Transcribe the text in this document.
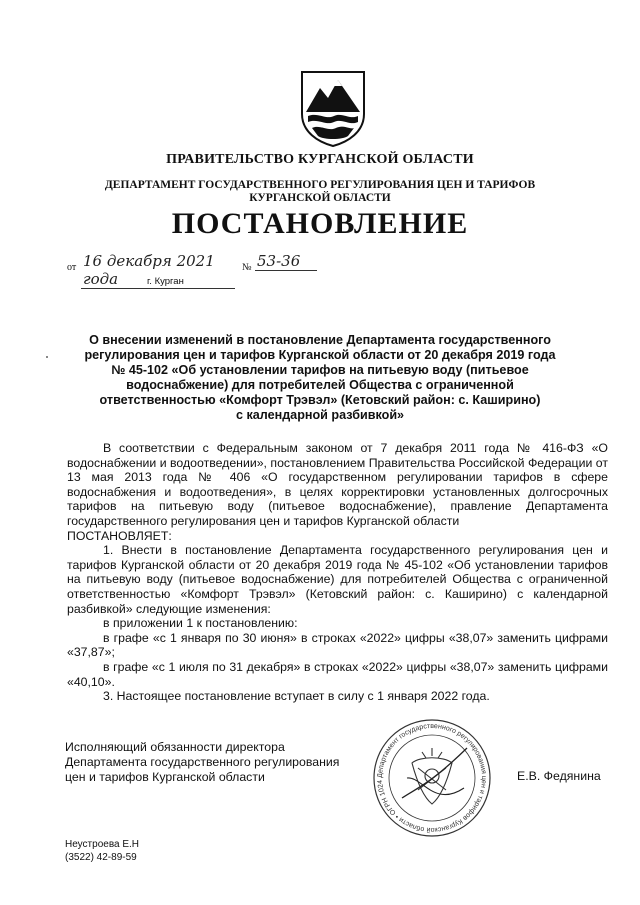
ПРАВИТЕЛЬСТВО КУРГАНСКОЙ ОБЛАСТИ
ДЕПАРТАМЕНТ ГОСУДАРСТВЕННОГО РЕГУЛИРОВАНИЯ ЦЕН И ТАРИФОВ
КУРГАНСКОЙ ОБЛАСТИ
ПОСТАНОВЛЕНИЕ
от 16 декабря 2021 года
№ 53-36
г. Курган
О внесении изменений в постановление Департамента государственного
регулирования цен и тарифов Курганской области от 20 декабря 2019 года
№ 45-102 «Об установлении тарифов на питьевую воду (питьевое
водоснабжение) для потребителей Общества с ограниченной
ответственностью «Комфорт Трэвэл» (Кетовский район: с. Каширино)
с календарной разбивкой»

В соответствии с Федеральным законом от 7 декабря 2011 года № 416-ФЗ «О водоснабжении и водоотведении», постановлением Правительства Российской Федерации от 13 мая 2013 года № 406 «О государственном регулировании тарифов в сфере водоснабжения и водоотведения», в целях корректировки установленных долгосрочных тарифов на питьевую воду (питьевое водоснабжение), правление Департамента государственного регулирования цен и тарифов Курганской области

ПОСТАНОВЛЯЕТ:

1. Внести в постановление Департамента государственного регулирования цен и тарифов Курганской области от 20 декабря 2019 года № 45-102 «Об установлении тарифов на питьевую воду (питьевое водоснабжение) для потребителей Общества с ограниченной ответственностью «Комфорт Трэвэл» (Кетовский район: с. Каширино) с календарной разбивкой» следующие изменения:

в приложении 1 к постановлению:

в графе «с 1 января по 30 июня» в строках «2022» цифры «38,07» заменить цифрами «37,87»;

в графе «с 1 июля по 31 декабря» в строках «2022» цифры «38,07» заменить цифрами «40,10».

3. Настоящее постановление вступает в силу с 1 января 2022 года.

Исполняющий обязанности директора
Департамента государственного регулирования
цен и тарифов Курганской области	Департамент государственного регулирования цен и тарифов Курганской области • ОГРН 1024	Е.В. Федянина
Неустроева Е.Н
(3522) 42-89-59
